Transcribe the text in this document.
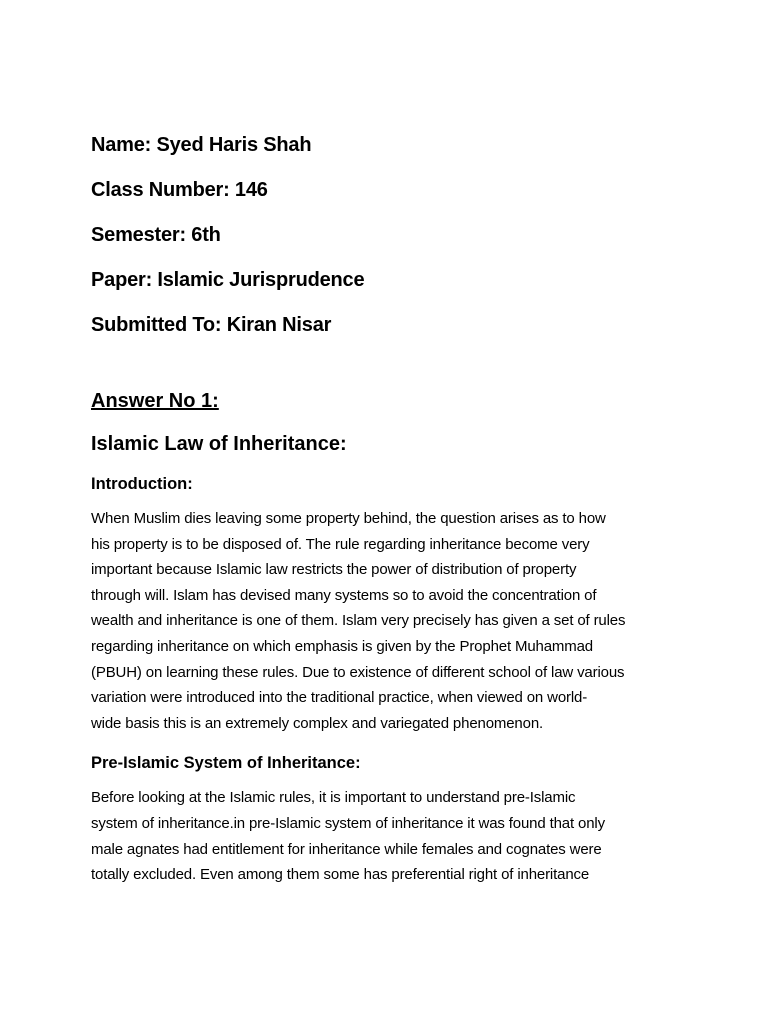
Name: Syed Haris Shah
Class Number: 146
Semester: 6th
Paper: Islamic Jurisprudence
Submitted To: Kiran Nisar
Answer No 1:
Islamic Law of Inheritance:
Introduction:
When Muslim dies leaving some property behind, the question arises as to how
his property is to be disposed of. The rule regarding inheritance become very
important because Islamic law restricts the power of distribution of property
through will. Islam has devised many systems so to avoid the concentration of
wealth and inheritance is one of them. Islam very precisely has given a set of rules
regarding inheritance on which emphasis is given by the Prophet Muhammad
(PBUH) on learning these rules. Due to existence of different school of law various
variation were introduced into the traditional practice, when viewed on world-
wide basis this is an extremely complex and variegated phenomenon.
Pre-Islamic System of Inheritance:
Before looking at the Islamic rules, it is important to understand pre-Islamic
system of inheritance.in pre-Islamic system of inheritance it was found that only
male agnates had entitlement for inheritance while females and cognates were
totally excluded. Even among them some has preferential right of inheritance
